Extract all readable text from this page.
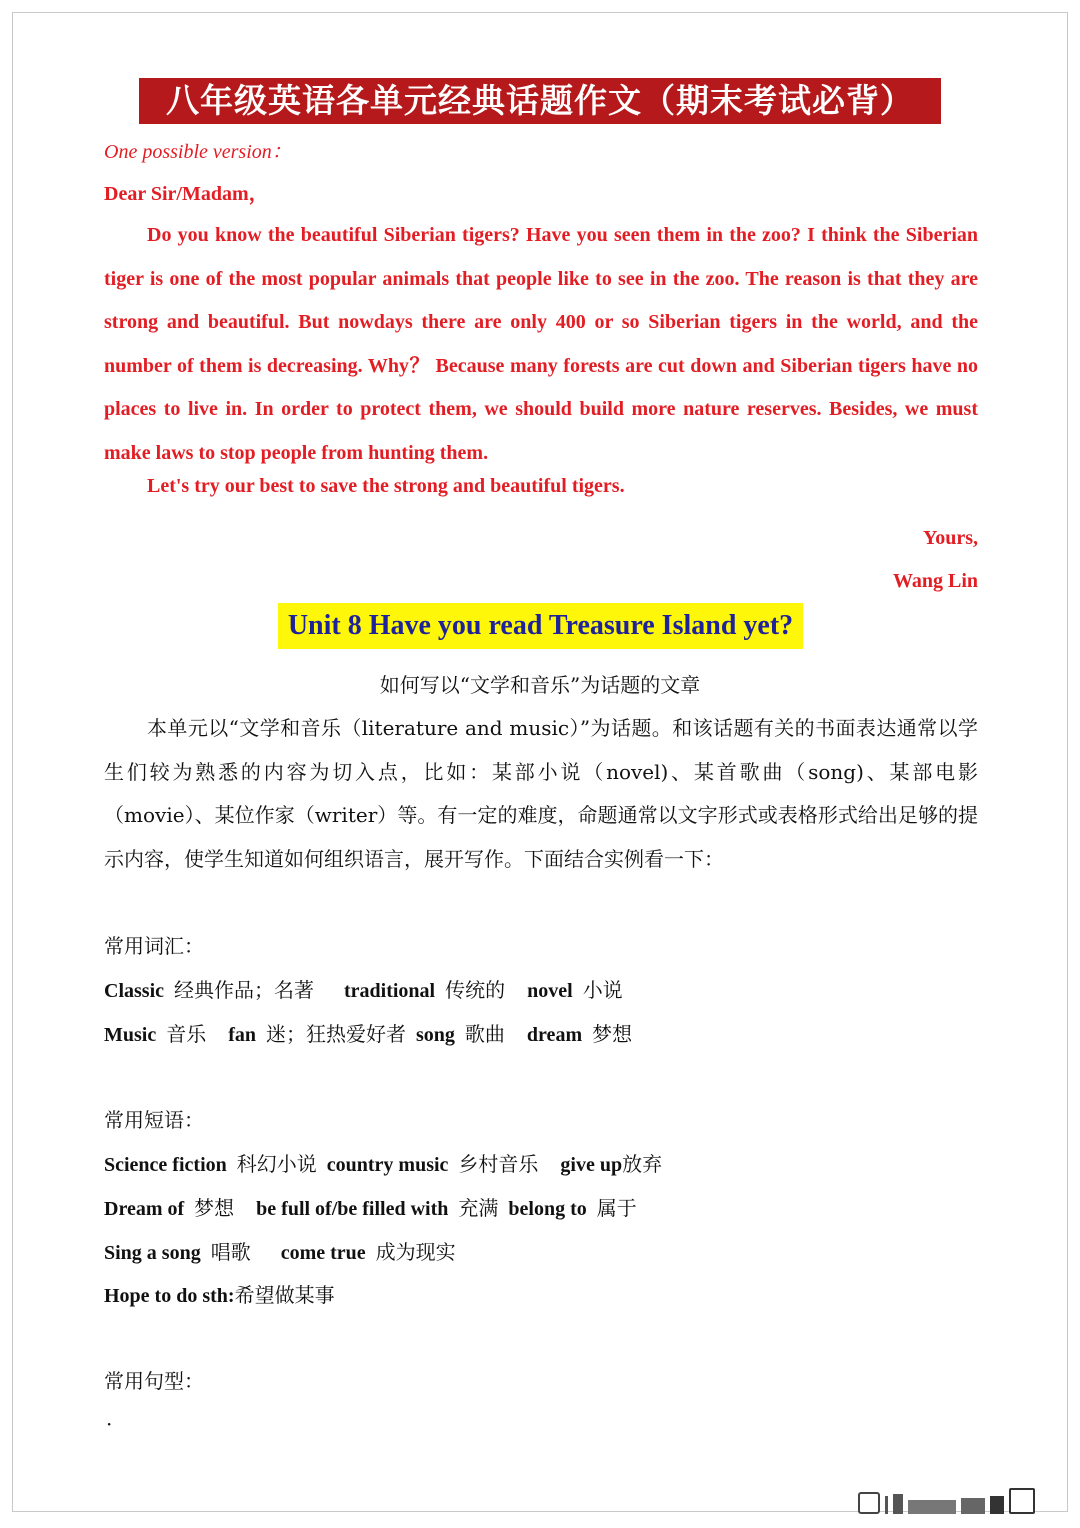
八年级英语各单元经典话题作文（期末考试必背）
One possible version：
Dear Sir/Madam，

Do you know the beautiful Siberian tigers? Have you seen them in the zoo? I think the Siberian tiger is one of the most popular animals that people like to see in the zoo. The reason is that they are strong and beautiful. But nowdays there are only 400 or so Siberian tigers in the world, and the number of them is decreasing. Why？ Because many forests are cut down and Siberian tigers have no places to live in. In order to protect them, we should build more nature reserves. Besides, we must make laws to stop people from hunting them.

Let's try our best to save the strong and beautiful tigers.

Yours,
Wang Lin
Unit 8 Have you read Treasure Island yet?
如何写以“文学和音乐”为话题的文章

本单元以“文学和音乐（literature and music）”为话题。和该话题有关的书面表达通常以学生们较为熟悉的内容为切入点，比如：某部小说（novel)、某首歌曲（song)、某部电影（movie）、某位作家（writer）等。有一定的难度，命题通常以文字形式或表格形式给出足够的提示内容，使学生知道如何组织语言，展开写作。下面结合实例看一下：

常用词汇：
Classic 经典作品；名著 traditional 传统的 novel 小说
Music 音乐 fan 迷；狂热爱好者 song 歌曲 dream 梦想
常用短语：
Science fiction 科幻小说 country music 乡村音乐 give up放弃
Dream of 梦想 be full of/be filled with 充满 belong to 属于
Sing a song 唱歌 come true 成为现实
Hope to do sth:希望做某事
常用句型：
·
